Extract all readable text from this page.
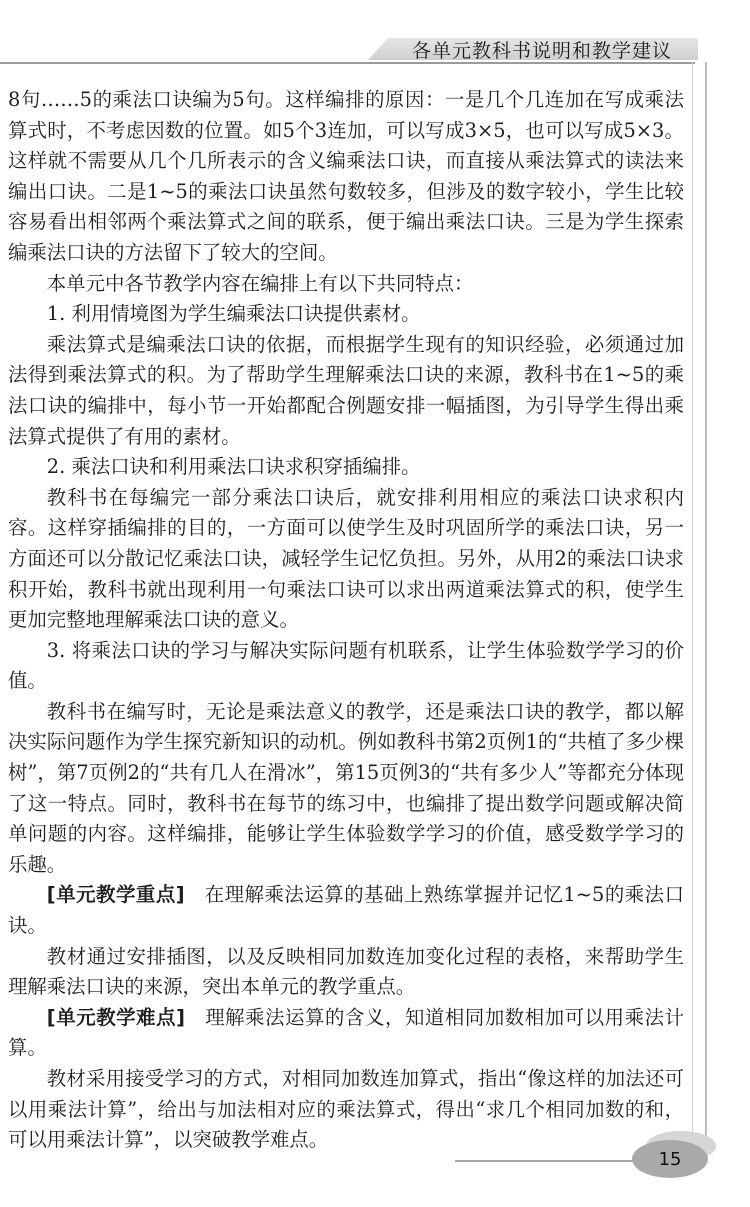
各单元教科书说明和教学建议

8句……5的乘法口诀编为5句。这样编排的原因：一是几个几连加在写成乘法算式时，不考虑因数的位置。如5个3连加，可以写成3×5，也可以写成5×3。这样就不需要从几个几所表示的含义编乘法口诀，而直接从乘法算式的读法来编出口诀。二是1~5的乘法口诀虽然句数较多，但涉及的数字较小，学生比较容易看出相邻两个乘法算式之间的联系，便于编出乘法口诀。三是为学生探索编乘法口诀的方法留下了较大的空间。

本单元中各节教学内容在编排上有以下共同特点：

1. 利用情境图为学生编乘法口诀提供素材。

乘法算式是编乘法口诀的依据，而根据学生现有的知识经验，必须通过加法得到乘法算式的积。为了帮助学生理解乘法口诀的来源，教科书在1~5的乘法口诀的编排中，每小节一开始都配合例题安排一幅插图，为引导学生得出乘法算式提供了有用的素材。

2. 乘法口诀和利用乘法口诀求积穿插编排。

教科书在每编完一部分乘法口诀后，就安排利用相应的乘法口诀求积内容。这样穿插编排的目的，一方面可以使学生及时巩固所学的乘法口诀，另一方面还可以分散记忆乘法口诀，减轻学生记忆负担。另外，从用2的乘法口诀求积开始，教科书就出现利用一句乘法口诀可以求出两道乘法算式的积，使学生更加完整地理解乘法口诀的意义。

3. 将乘法口诀的学习与解决实际问题有机联系，让学生体验数学学习的价值。

教科书在编写时，无论是乘法意义的教学，还是乘法口诀的教学，都以解决实际问题作为学生探究新知识的动机。例如教科书第2页例1的“共植了多少棵树”，第7页例2的“共有几人在滑冰”，第15页例3的“共有多少人”等都充分体现了这一特点。同时，教科书在每节的练习中，也编排了提出数学问题或解决简单问题的内容。这样编排，能够让学生体验数学学习的价值，感受数学学习的乐趣。

[单元教学重点] 在理解乘法运算的基础上熟练掌握并记忆1~5的乘法口诀。

教材通过安排插图，以及反映相同加数连加变化过程的表格，来帮助学生理解乘法口诀的来源，突出本单元的教学重点。

[单元教学难点] 理解乘法运算的含义，知道相同加数相加可以用乘法计算。

教材采用接受学习的方式，对相同加数连加算式，指出“像这样的加法还可以用乘法计算”，给出与加法相对应的乘法算式，得出“求几个相同加数的和，可以用乘法计算”，以突破教学难点。

15
